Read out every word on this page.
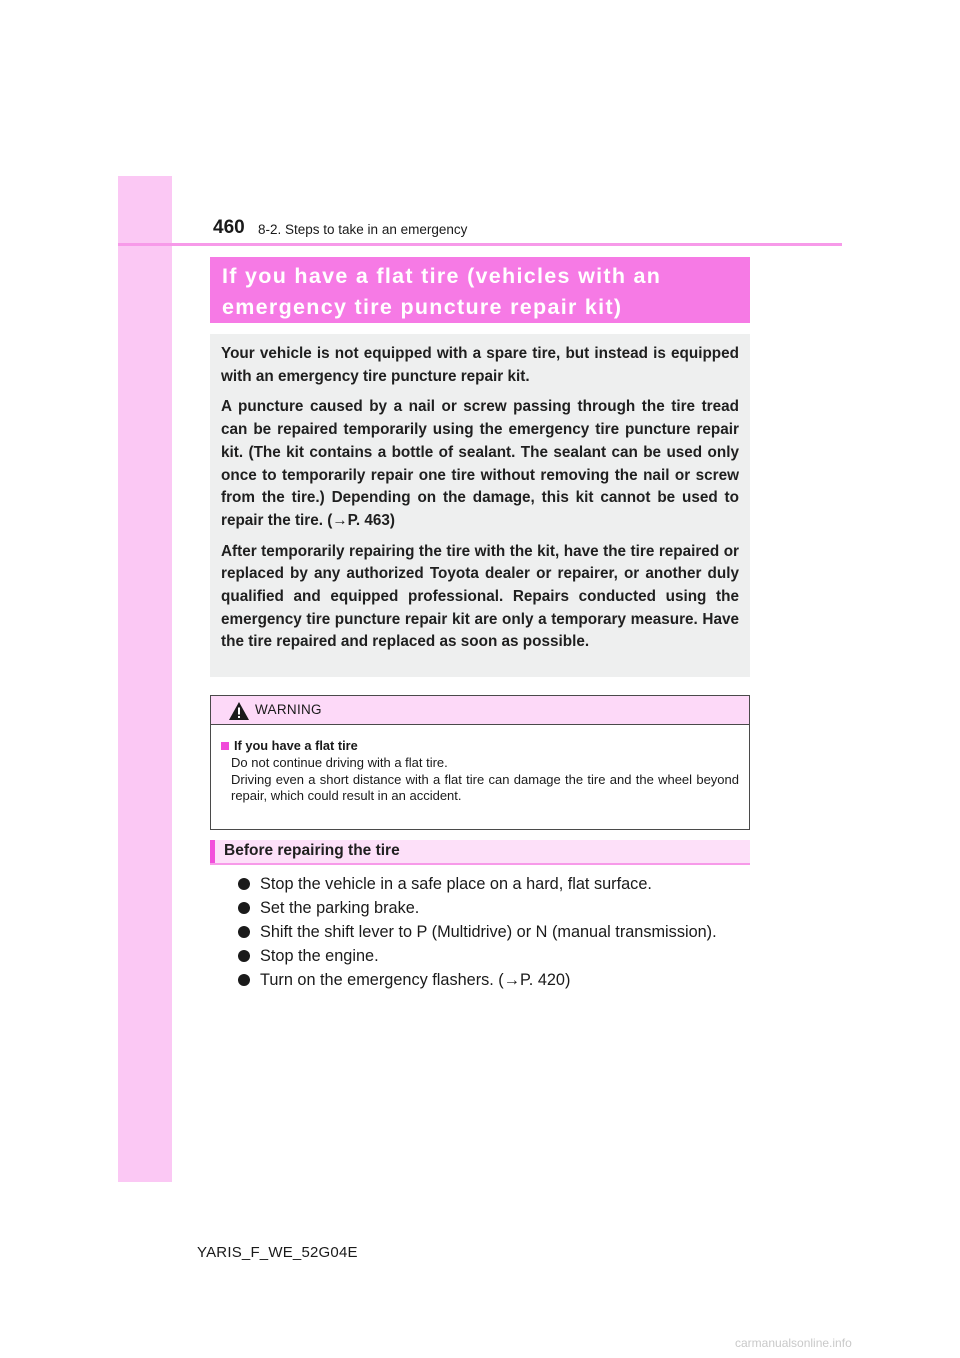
460 8-2. Steps to take in an emergency

If you have a flat tire (vehicles with an

emergency tire puncture repair kit)

Your vehicle is not equipped with a spare tire, but instead is equipped with an emergency tire puncture repair kit.

A puncture caused by a nail or screw passing through the tire tread can be repaired temporarily using the emergency tire puncture repair kit. (The kit contains a bottle of sealant. The sealant can be used only once to temporarily repair one tire without removing the nail or screw from the tire.) Depending on the damage, this kit cannot be used to repair the tire. (→P. 463)

After temporarily repairing the tire with the kit, have the tire repaired or replaced by any authorized Toyota dealer or repairer, or another duly qualified and equipped professional. Repairs conducted using the emergency tire puncture repair kit are only a temporary measure. Have the tire repaired and replaced as soon as possible.

WARNING
If you have a flat tire

Do not continue driving with a flat tire.

Driving even a short distance with a flat tire can damage the tire and the wheel beyond repair, which could result in an accident.

Before repairing the tire
Stop the vehicle in a safe place on a hard, flat surface.
Set the parking brake.
Shift the shift lever to P (Multidrive) or N (manual transmission).
Stop the engine.
Turn on the emergency flashers. (→P. 420)
YARIS_F_WE_52G04E
carmanualsonline.info
